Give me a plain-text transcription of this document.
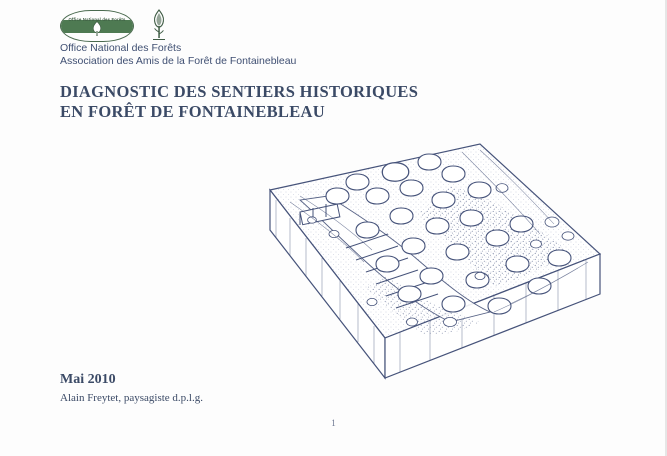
Office National des Forêts
Office National des Forêts
Association des Amis de la Forêt de Fontainebleau
DIAGNOSTIC DES SENTIERS HISTORIQUES
EN FORÊT DE FONTAINEBLEAU
Mai 2010
Alain Freytet, paysagiste d.p.l.g.
1
